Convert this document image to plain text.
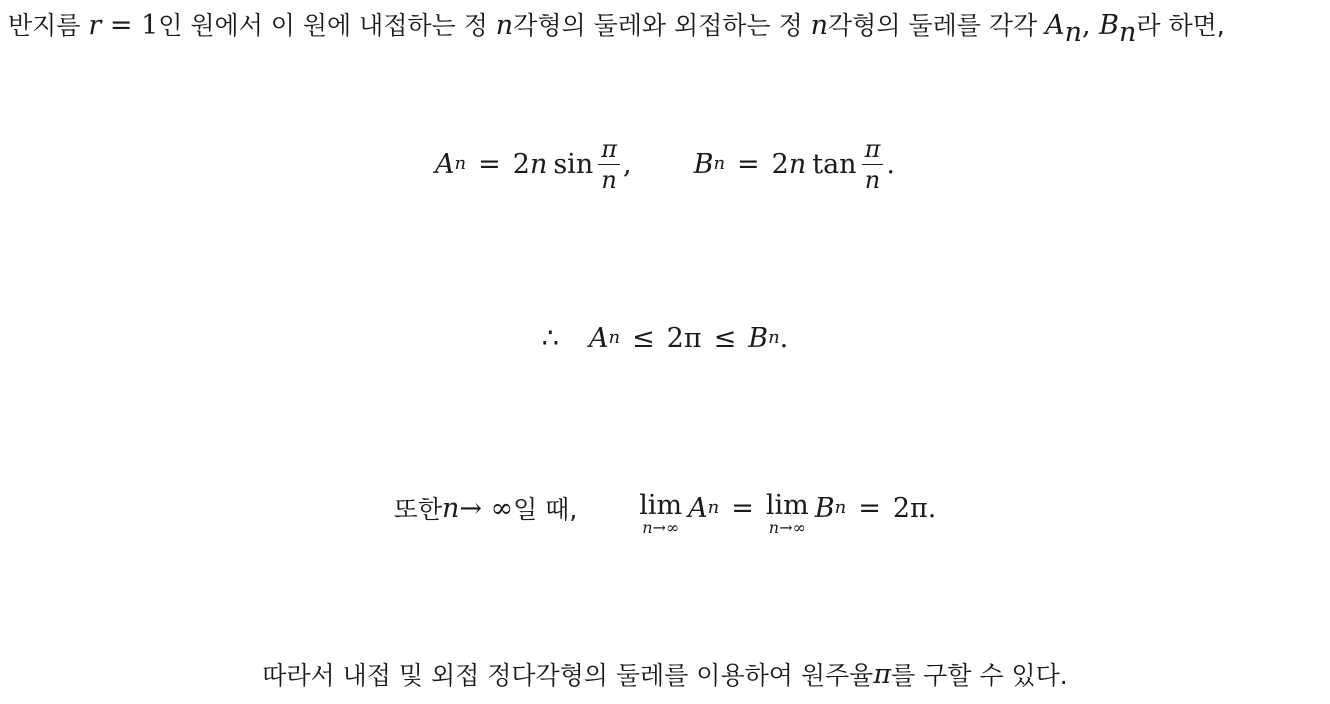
반지름 r = 1인 원에서 이 원에 내접하는 정 n각형의 둘레와 외접하는 정 n각형의 둘레를 각각 $A_n$, $B_n$라 하면,
A n = 2 n $\sin \frac{\pi}{n}$ , B n = 2 n $\tan \frac{\pi}{n}$ .
∴ A n ≤ 2π ≤ B n .
또한 n → ∞ 일 때, lim
n→∞
A n = lim
n→∞
B n = 2π.
따라서 내접 및 외접 정다각형의 둘레를 이용하여 원주율 π 를 구할 수 있다.
